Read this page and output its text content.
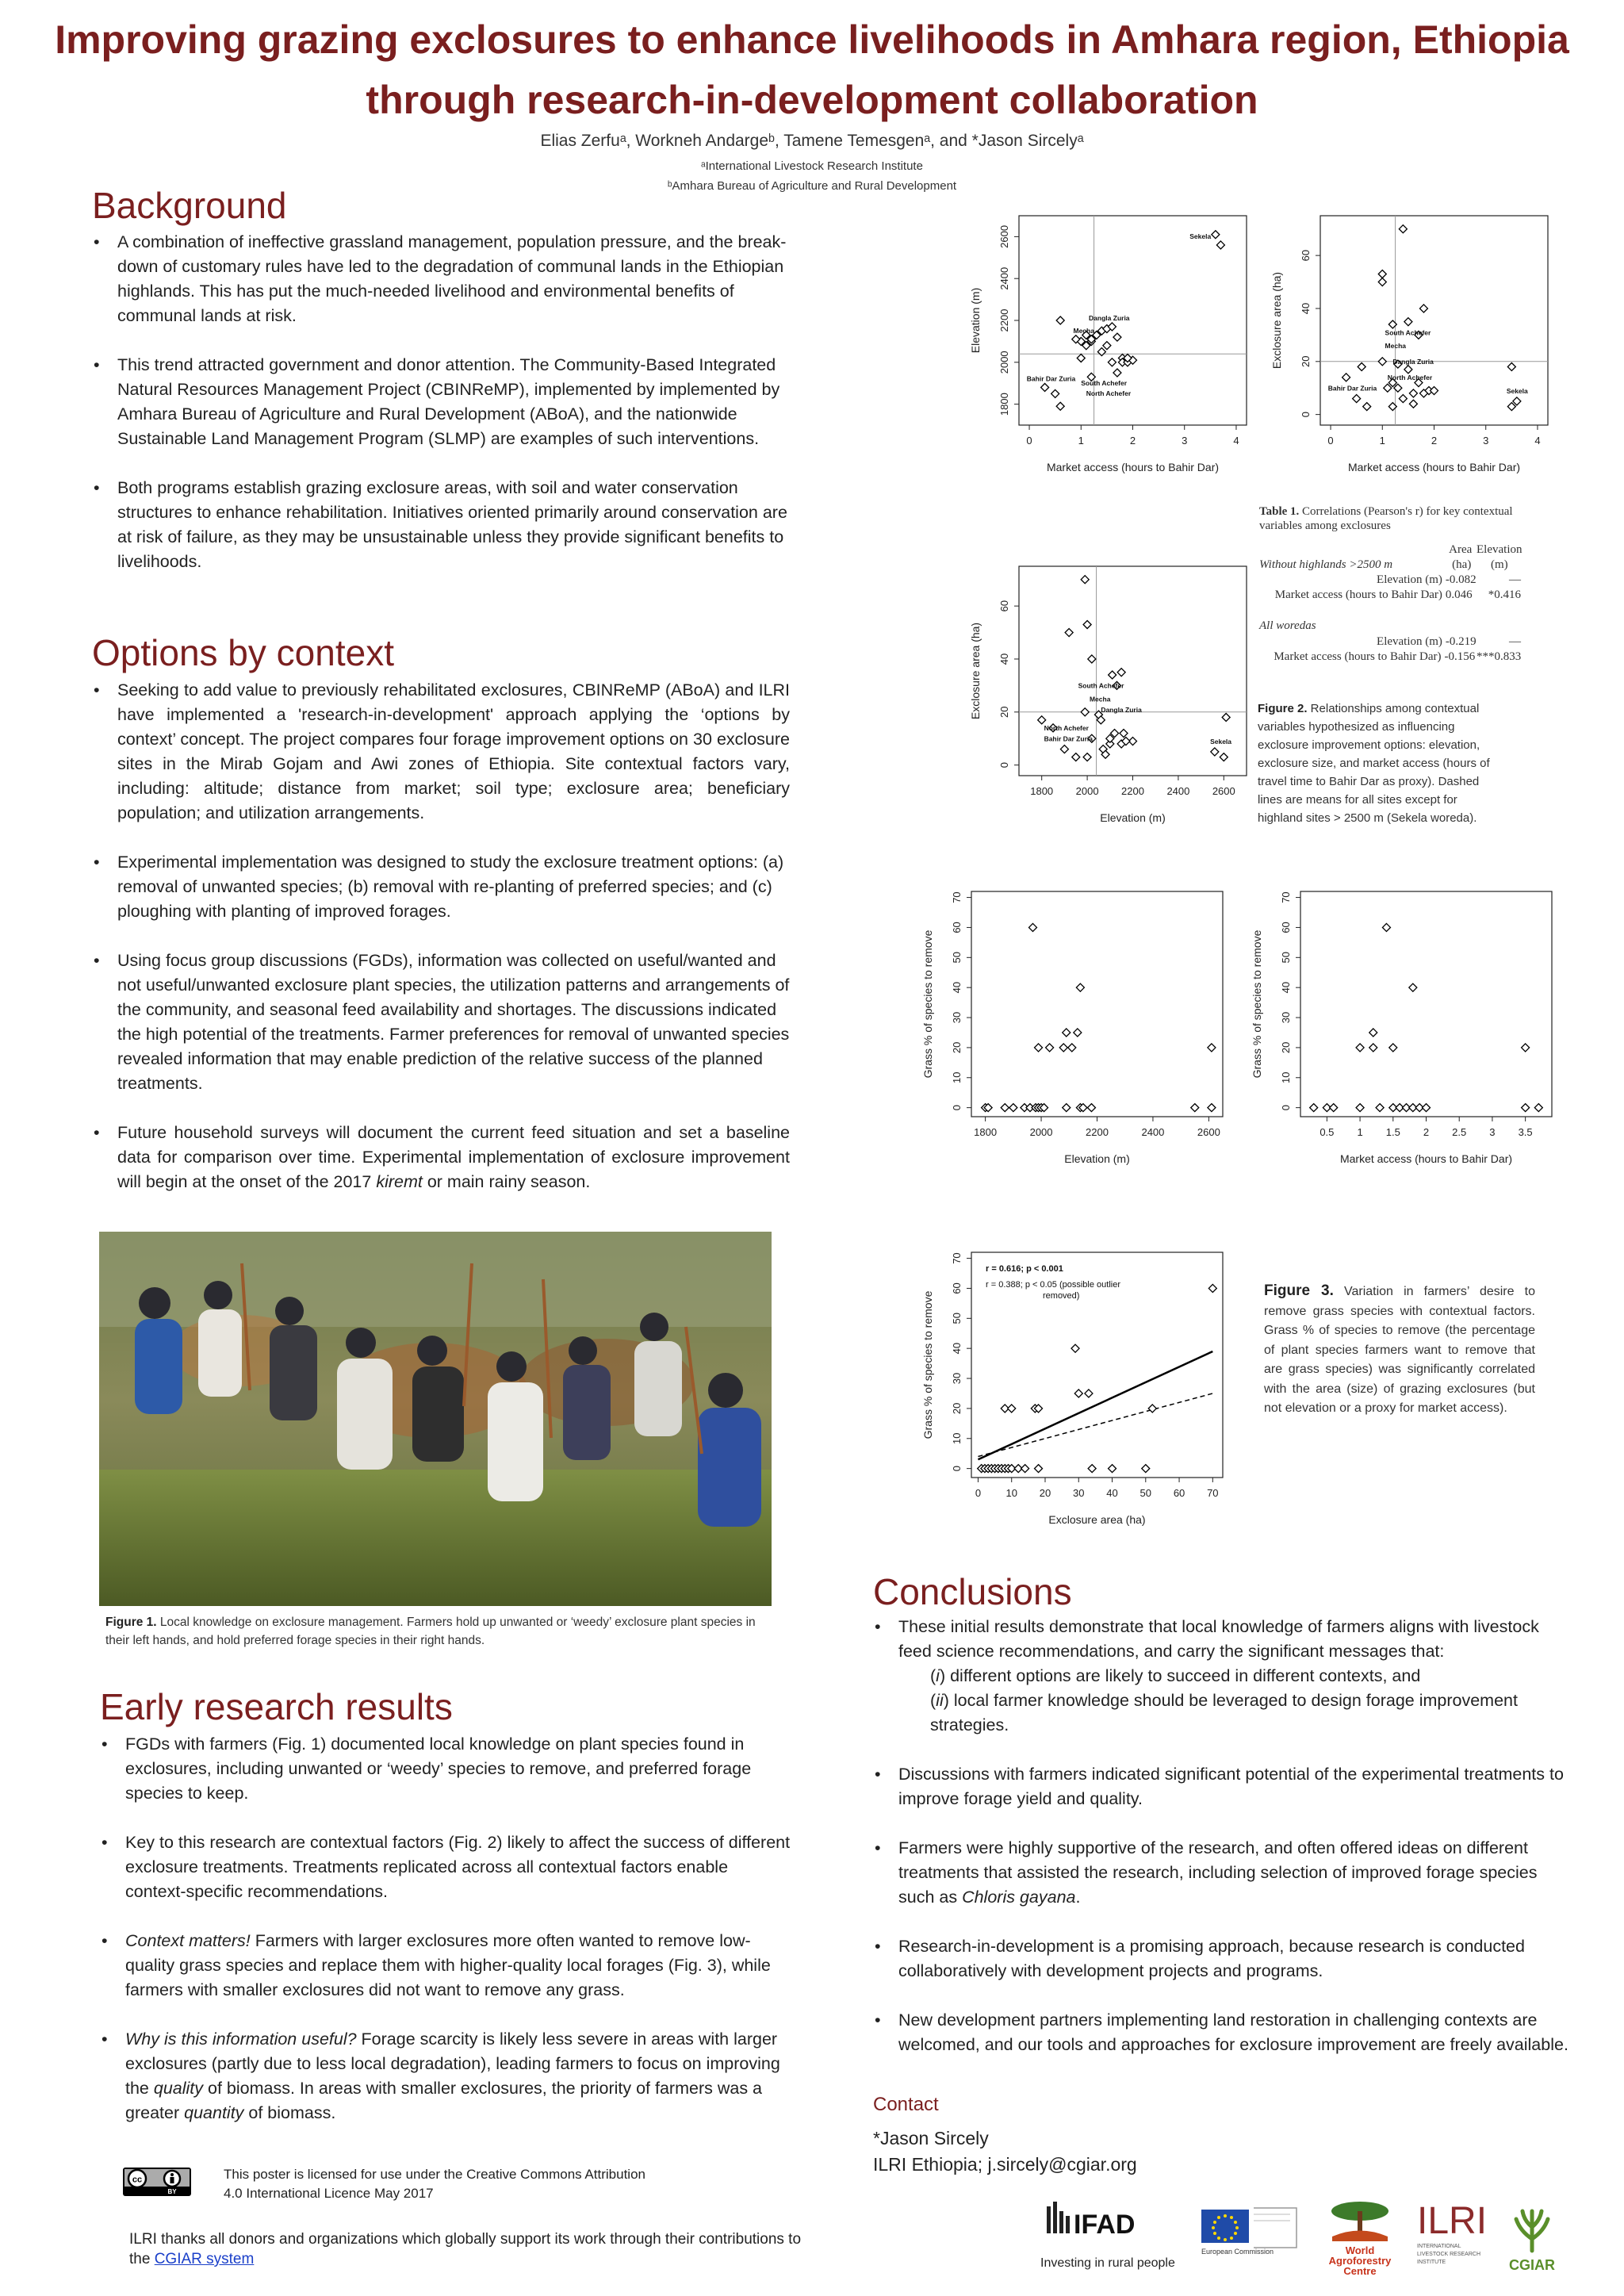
Improving grazing exclosures to enhance livelihoods in Amhara region, Ethiopia
through research-in-development collaboration
Elias Zerfuᵃ, Workneh Andargeᵇ, Tamene Temesgenᵃ, and *Jason Sircelyᵃ
ᵃInternational Livestock Research Institute
ᵇAmhara Bureau of Agriculture and Rural Development
Background
• A combination of ineffective grassland management, population pressure, and the break-down of customary rules have led to the degradation of communal lands in the Ethiopian highlands. This has put the much-needed livelihood and environmental benefits of communal lands at risk.
• This trend attracted government and donor attention. The Community-Based Integrated Natural Resources Management Project (CBINReMP), implemented by implemented by Amhara Bureau of Agriculture and Rural Development (ABoA), and the nationwide Sustainable Land Management Program (SLMP) are examples of such interventions.
• Both programs establish grazing exclosure areas, with soil and water conservation structures to enhance rehabilitation. Initiatives oriented primarily around conservation are at risk of failure, as they may be unsustainable unless they provide significant benefits to livelihoods.
Options by context
• Seeking to add value to previously rehabilitated exclosures, CBINReMP (ABoA) and ILRI have implemented a 'research-in-development' approach applying the ‘options by context’ concept. The project compares four forage improvement options on 30 exclosure sites in the Mirab Gojam and Awi zones of Ethiopia. Site contextual factors vary, including: altitude; distance from market; soil type; exclosure area; beneficiary population; and utilization arrangements.
• Experimental implementation was designed to study the exclosure treatment options: (a) removal of unwanted species; (b) removal with re-planting of preferred species; and (c) ploughing with planting of improved forages.
• Using focus group discussions (FGDs), information was collected on useful/wanted and not useful/unwanted exclosure plant species, the utilization patterns and arrangements of the community, and seasonal feed availability and shortages. The discussions indicated the high potential of the treatments. Farmer preferences for removal of unwanted species revealed information that may enable prediction of the relative success of the planned treatments.
• Future household surveys will document the current feed situation and set a baseline data for comparison over time. Experimental implementation of exclosure improvement will begin at the onset of the 2017 kiremt or main rainy season.
Figure 1. Local knowledge on exclosure management. Farmers hold up unwanted or ‘weedy’ exclosure plant species in their left hands, and hold preferred forage species in their right hands.
Early research results
• FGDs with farmers (Fig. 1) documented local knowledge on plant species found in exclosures, including unwanted or ‘weedy’ species to remove, and preferred forage species to keep.
• Key to this research are contextual factors (Fig. 2) likely to affect the success of different exclosure treatments. Treatments replicated across all contextual factors enable context-specific recommendations.
• Context matters! Farmers with larger exclosures more often wanted to remove low-quality grass species and replace them with higher-quality local forages (Fig. 3), while farmers with smaller exclosures did not want to remove any grass.
• Why is this information useful? Forage scarcity is likely less severe in areas with larger exclosures (partly due to less local degradation), leading farmers to focus on improving the quality of biomass. In areas with smaller exclosures, the priority of farmers was a greater quantity of biomass.
cc
BY
This poster is licensed for use under the Creative Commons Attribution 4.0 International Licence May 2017
ILRI thanks all donors and organizations which globally support its work through their contributions to the CGIAR system
0	1	2	3	4
1800
2000
2200
2400
2600
Market access (hours to Bahir Dar)
Elevation (m)
Sekela
Dangla Zuria
Mecha
Bahir Dar Zuria
South Achefer
North Achefer
0	1	2	3	4
0
20
40
60
Market access (hours to Bahir Dar)
Exclosure area (ha)	South Achefer
Mecha
Dangla Zuria
North Achefer
Bahir Dar Zuria	Sekela
1800 2000 2200 2400 2600
0
20
40
60
Elevation (m)
Exclosure area (ha)	South Achefer
Mecha
Dangla Zuria
North Achefer
Bahir Dar Zuria	Sekela
1800	2000	2200	2400	2600
0
10
20
30
40
50
60
70
Elevation (m)
Grass % of species to remove
0.5 1 1.5 2 2.5 3 3.5
0
10
20
30
40
50
60
70
Market access (hours to Bahir Dar)
Grass % of species to remove
0 10 20 30 40 50 60 70
0
10
20
30
40
50
60
70
Exclosure area (ha)
Grass % of species to remove
r = 0.616; p < 0.001
r = 0.388; p < 0.05 (possible outlier
removed)
Table 1. Correlations (Pearson's r) for key contextual variables among exclosures
Area Elevation
Without highlands >2500 m	(ha)	(m)
Elevation (m) -0.082	—
Market access (hours to Bahir Dar) 0.046	*0.416
All woredas
Elevation (m) -0.219	—
Market access (hours to Bahir Dar) -0.156 ***0.833
Figure 2. Relationships among contextual variables hypothesized as influencing exclosure improvement options: elevation, exclosure size, and market access (hours of travel time to Bahir Dar as proxy). Dashed lines are means for all sites except for highland sites > 2500 m (Sekela woreda).
Figure 3. Variation in farmers’ desire to remove grass species with contextual factors. Grass % of species to remove (the percentage of plant species farmers want to remove that are grass species) was significantly correlated with the area (size) of grazing exclosures (but not elevation or a proxy for market access).
Conclusions
• These initial results demonstrate that local knowledge of farmers aligns with livestock feed science recommendations, and carry the significant messages that:
(i) different options are likely to succeed in different contexts, and
(ii) local farmer knowledge should be leveraged to design forage improvement strategies.
• Discussions with farmers indicated significant potential of the experimental treatments to improve forage yield and quality.
• Farmers were highly supportive of the research, and often offered ideas on different treatments that assisted the research, including selection of improved forage species such as Chloris gayana.
• Research-in-development is a promising approach, because research is conducted collaboratively with development projects and programs.
• New development partners implementing land restoration in challenging contexts are welcomed, and our tools and approaches for exclosure improvement are freely available.
Contact
*Jason Sircely
ILRI Ethiopia; j.sircely@cgiar.org
IFAD
Investing in rural people
European Commission	World
Agroforestry
Centre
ILRI
INTERNATIONAL
LIVESTOCK RESEARCH
INSTITUTE	CGIAR
